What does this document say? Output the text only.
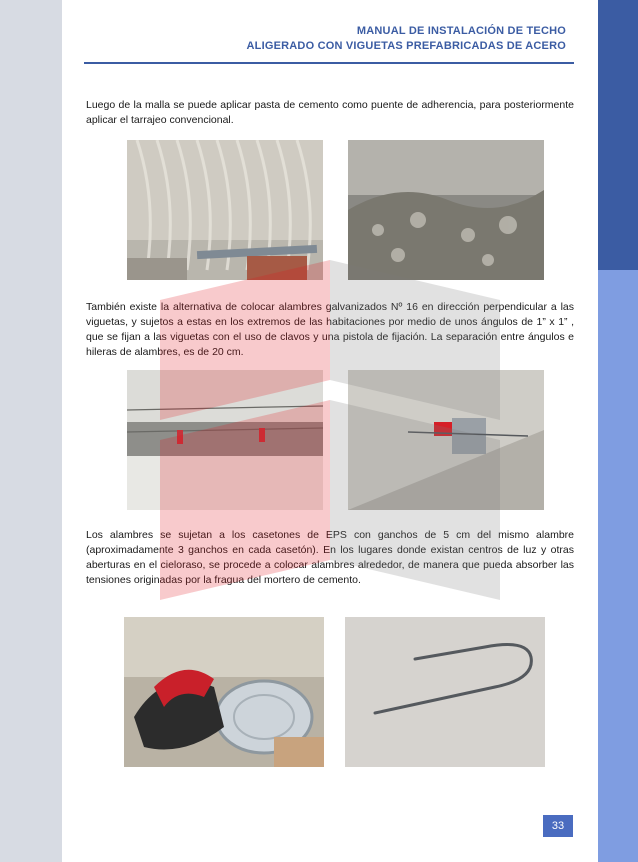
MANUAL DE INSTALACIÓN DE TECHO
ALIGERADO CON VIGUETAS PREFABRICADAS DE ACERO

Luego de la malla se puede aplicar pasta de cemento como puente de adherencia, para posteriormente aplicar el tarrajeo convencional.

También existe la alternativa de colocar alambres galvanizados Nº 16 en dirección perpendicular a las viguetas, y sujetos a estas en los extremos de las habitaciones por medio de unos ángulos de 1” x 1” , que se fijan a las viguetas con el uso de clavos y una pistola de fijación. La separación entre ángulos e hileras de alambres, es de 20 cm.

Los alambres se sujetan a los casetones de EPS con ganchos de 5 cm del mismo alambre (aproximadamente 3 ganchos en cada casetón). En los lugares donde existan centros de luz y otras aberturas en el cieloraso, se procede a colocar alambres alrededor, de manera que pueda absorber las tensiones originadas por la fragua del mortero de cemento.

33
